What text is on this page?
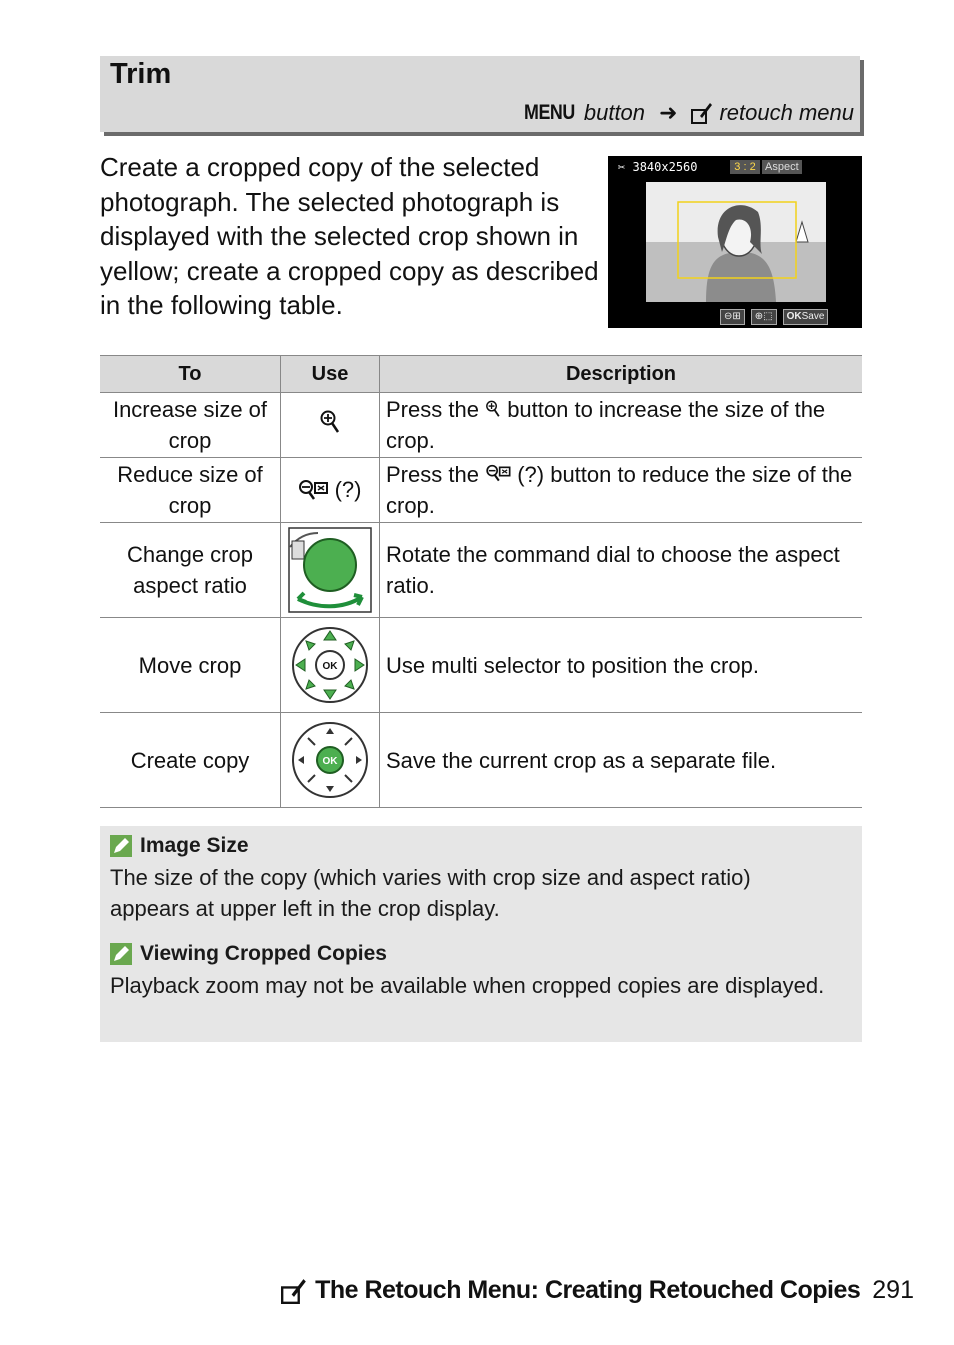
Trim
MENU button ➜ retouch menu
Create a cropped copy of the selected photograph. The selected photograph is displayed with the selected crop shown in yellow; create a cropped copy as described in the following table.
✂ 3840x2560	3 : 2 Aspect
⊖⊞	⊕⬚	OKSave
To	Use	Description
Increase size of crop		Press the button to increase the size of the crop.
Reduce size of crop	(?)	Press the (?) button to reduce the size of the crop.
Change crop aspect ratio		Rotate the command dial to choose the aspect ratio.
Move crop	OK	Use multi selector to position the crop.
Create copy	OK	Save the current crop as a separate file.
Image Size
The size of the copy (which varies with crop size and aspect ratio) appears at upper left in the crop display.
Viewing Cropped Copies
Playback zoom may not be available when cropped copies are displayed.
The Retouch Menu: Creating Retouched Copies 291
